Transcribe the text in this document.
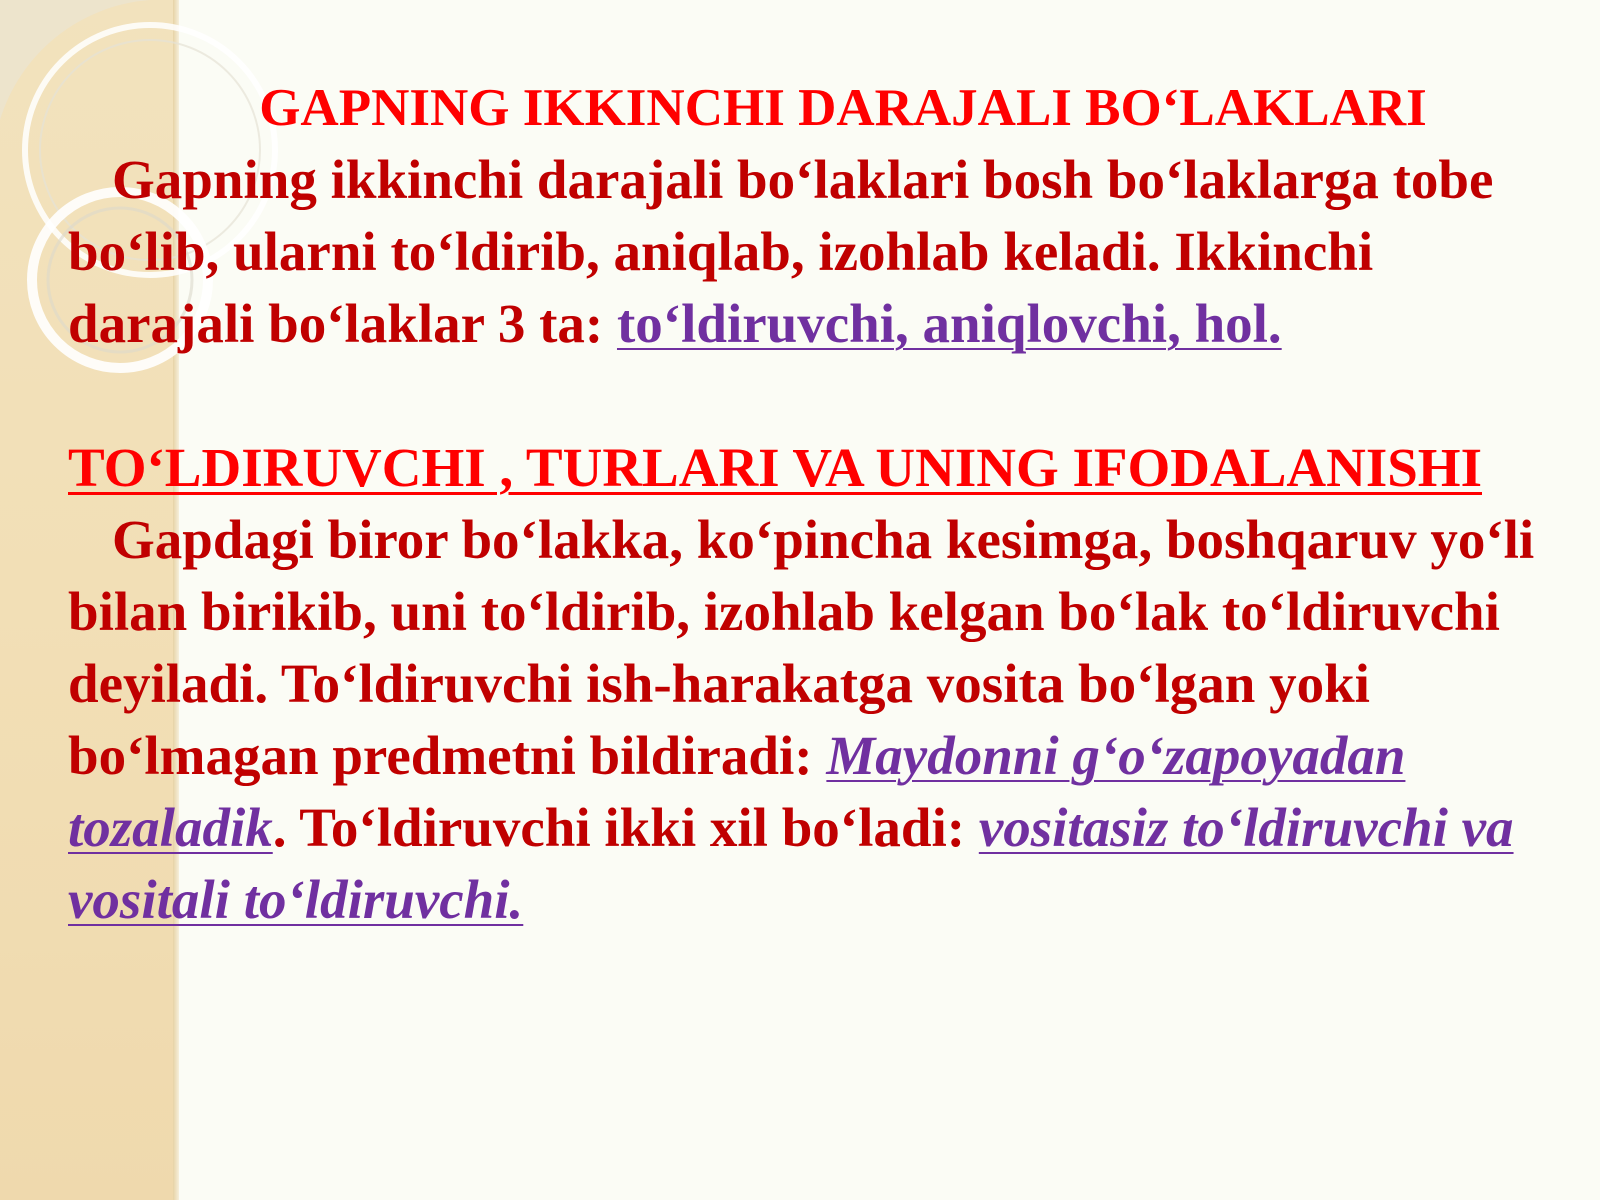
GAPNING IKKINCHI DARAJALI BO‘LAKLARI
Gapning ikkinchi darajali bo‘laklari bosh bo‘laklarga tobe bo‘lib, ularni to‘ldirib, aniqlab, izohlab keladi. Ikkinchi darajali bo‘laklar 3 ta: to‘ldiruvchi, aniqlovchi, hol.
TO‘LDIRUVCHI , TURLARI VA UNING IFODALANISHI
Gapdagi biror bo‘lakka, ko‘pincha kesimga, boshqaruv yo‘li bilan birikib, uni to‘ldirib, izohlab kelgan bo‘lak to‘ldiruvchi deyiladi. To‘ldiruvchi ish-harakatga vosita bo‘lgan yoki bo‘lmagan predmetni bildiradi: Maydonni g‘o‘zapoyadan tozaladik. To‘ldiruvchi ikki xil bo‘ladi: vositasiz to‘ldiruvchi va vositali to‘ldiruvchi.
